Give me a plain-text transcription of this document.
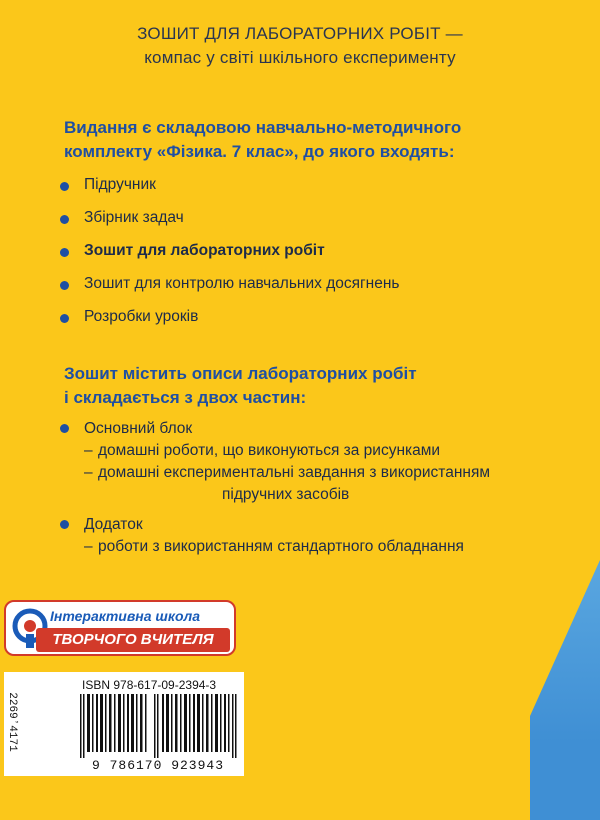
ЗОШИТ ДЛЯ ЛАБОРАТОРНИХ РОБІТ —
компас у світі шкільного експерименту
Видання є складовою навчально-методичного
комплекту «Фізика. 7 клас», до якого входять:
Підручник
Збірник задач
Зошит для лабораторних робіт
Зошит для контролю навчальних досягнень
Розробки уроків
Зошит містить описи лабораторних робіт
і складається з двох частин:
Основний блок
– домашні роботи, що виконуються за рисунками
– домашні експериментальні завдання з використанням
підручних засобів
Додаток
– роботи з використанням стандартного обладнання
Інтерактивна школа
ТВОРЧОГО ВЧИТЕЛЯ
2269ʼ4171
ISBN 978-617-09-2394-3
9 786170 923943
